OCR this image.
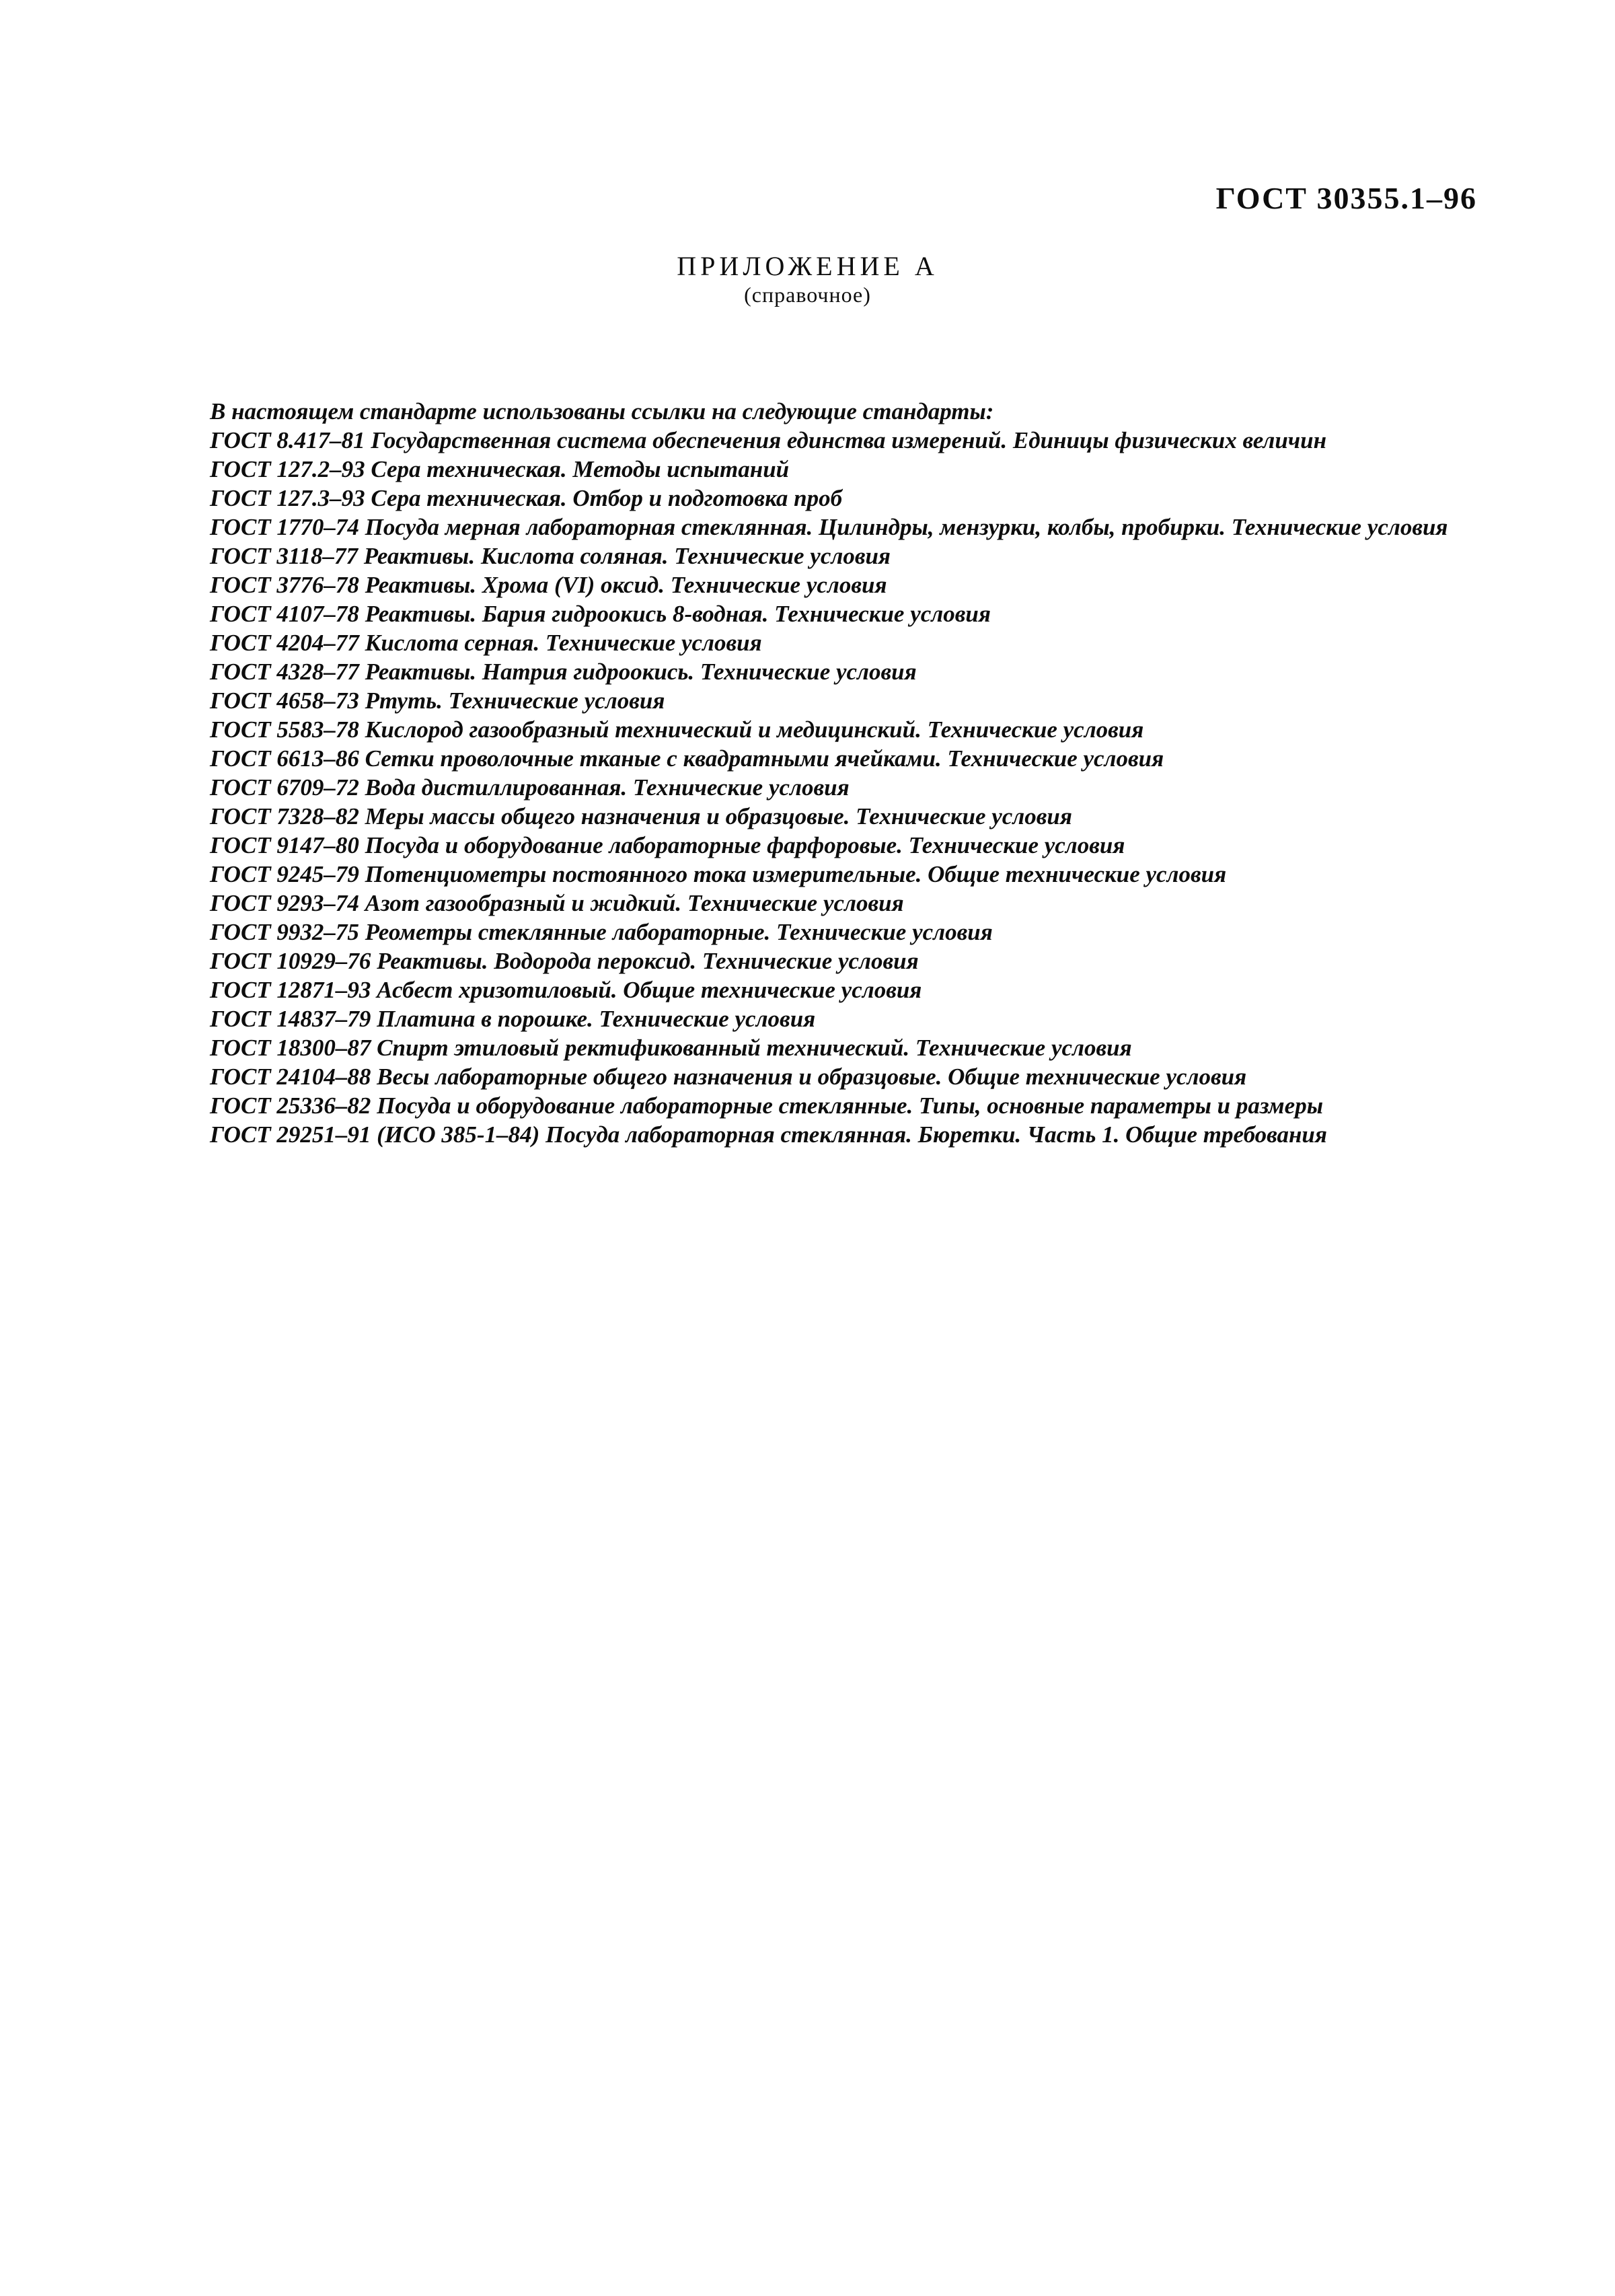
ГОСТ 30355.1–96
ПРИЛОЖЕНИЕ А
(справочное)

В настоящем стандарте использованы ссылки на следующие стандарты:

ГОСТ 8.417–81 Государственная система обеспечения единства измерений. Единицы физических величин

ГОСТ 127.2–93 Сера техническая. Методы испытаний

ГОСТ 127.3–93 Сера техническая. Отбор и подготовка проб

ГОСТ 1770–74 Посуда мерная лабораторная стеклянная. Цилиндры, мензурки, колбы, пробирки. Технические условия

ГОСТ 3118–77 Реактивы. Кислота соляная. Технические условия

ГОСТ 3776–78 Реактивы. Хрома (VI) оксид. Технические условия

ГОСТ 4107–78 Реактивы. Бария гидроокись 8-водная. Технические условия

ГОСТ 4204–77 Кислота серная. Технические условия

ГОСТ 4328–77 Реактивы. Натрия гидроокись. Технические условия

ГОСТ 4658–73 Ртуть. Технические условия

ГОСТ 5583–78 Кислород газообразный технический и медицинский. Технические условия

ГОСТ 6613–86 Сетки проволочные тканые с квадратными ячейками. Технические условия

ГОСТ 6709–72 Вода дистиллированная. Технические условия

ГОСТ 7328–82 Меры массы общего назначения и образцовые. Технические условия

ГОСТ 9147–80 Посуда и оборудование лабораторные фарфоровые. Технические условия

ГОСТ 9245–79 Потенциометры постоянного тока измерительные. Общие технические условия

ГОСТ 9293–74 Азот газообразный и жидкий. Технические условия

ГОСТ 9932–75 Реометры стеклянные лабораторные. Технические условия

ГОСТ 10929–76 Реактивы. Водорода пероксид. Технические условия

ГОСТ 12871–93 Асбест хризотиловый. Общие технические условия

ГОСТ 14837–79 Платина в порошке. Технические условия

ГОСТ 18300–87 Спирт этиловый ректификованный технический. Технические условия

ГОСТ 24104–88 Весы лабораторные общего назначения и образцовые. Общие технические условия

ГОСТ 25336–82 Посуда и оборудование лабораторные стеклянные. Типы, основные параметры и размеры

ГОСТ 29251–91 (ИСО 385-1–84) Посуда лабораторная стеклянная. Бюретки. Часть 1. Общие требования
